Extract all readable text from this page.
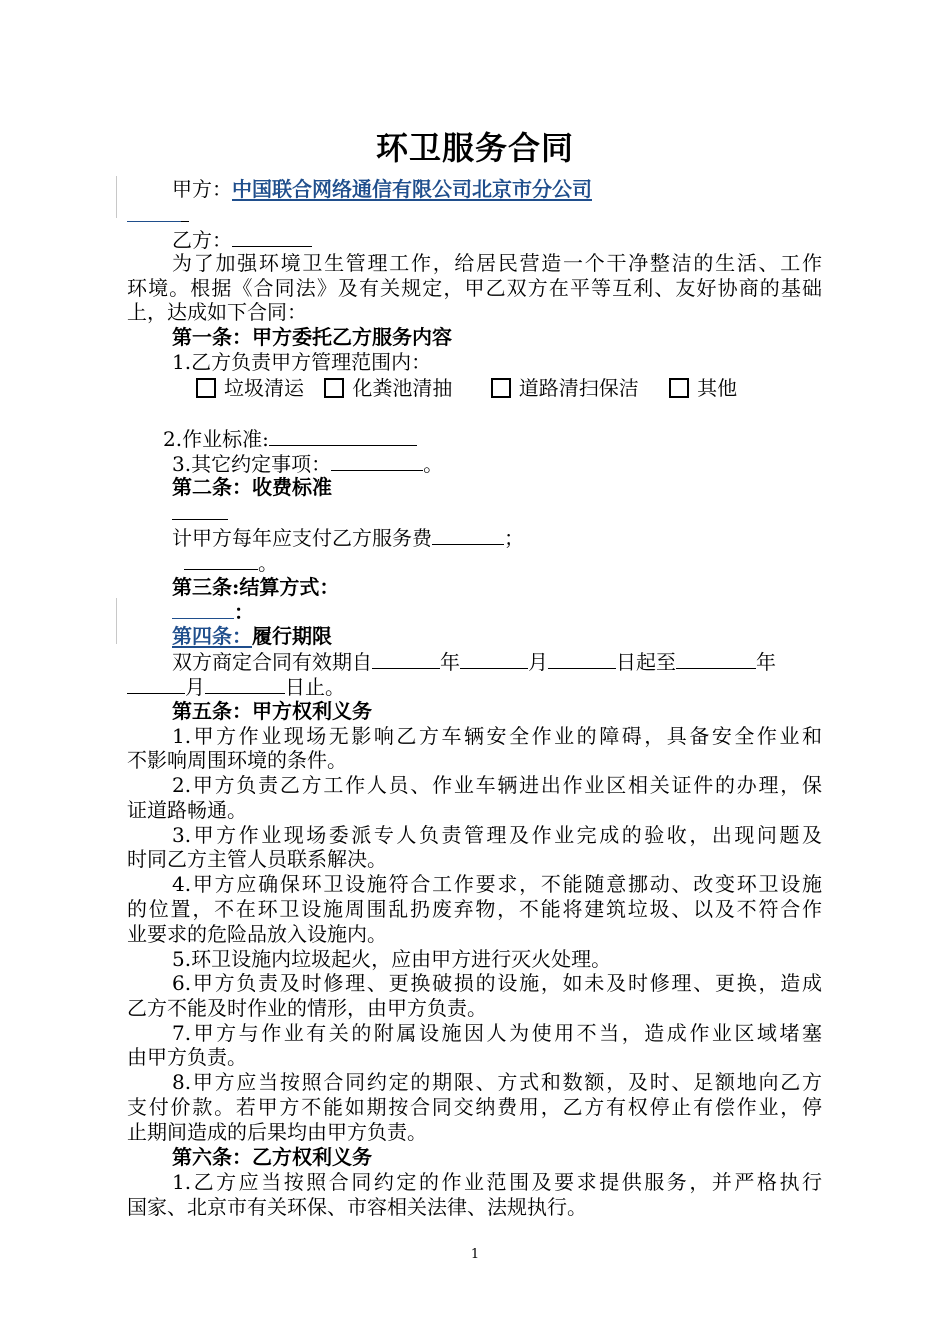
环卫服务合同
甲方：中国联合网络通信有限公司北京市分公司
乙方：
为了加强环境卫生管理工作，给居民营造一个干净整洁的生活、工作
环境。根据《合同法》及有关规定，甲乙双方在平等互利、友好协商的基础
上，达成如下合同：
第一条：甲方委托乙方服务内容
1.乙方负责甲方管理范围内：
垃圾清运 化粪池清抽	道路清扫保洁	其他
2.作业标准:
3.其它约定事项：	。
第二条：收费标准
计甲方每年应支付乙方服务费	；
。
第三条:结算方式：
：
第四条：履行期限
双方商定合同有效期自	年	月	日起至	年
月	日止。
第五条：甲方权利义务
1.甲方作业现场无影响乙方车辆安全作业的障碍，具备安全作业和
不影响周围环境的条件。
2.甲方负责乙方工作人员、作业车辆进出作业区相关证件的办理，保
证道路畅通。
3.甲方作业现场委派专人负责管理及作业完成的验收，出现问题及
时同乙方主管人员联系解决。
4.甲方应确保环卫设施符合工作要求，不能随意挪动、改变环卫设施
的位置，不在环卫设施周围乱扔废弃物，不能将建筑垃圾、以及不符合作
业要求的危险品放入设施内。
5.环卫设施内垃圾起火，应由甲方进行灭火处理。
6.甲方负责及时修理、更换破损的设施，如未及时修理、更换，造成
乙方不能及时作业的情形，由甲方负责。
7.甲方与作业有关的附属设施因人为使用不当，造成作业区域堵塞
由甲方负责。
8.甲方应当按照合同约定的期限、方式和数额，及时、足额地向乙方
支付价款。若甲方不能如期按合同交纳费用，乙方有权停止有偿作业，停
止期间造成的后果均由甲方负责。
第六条：乙方权利义务
1.乙方应当按照合同约定的作业范围及要求提供服务，并严格执行
国家、北京市有关环保、市容相关法律、法规执行。
1
